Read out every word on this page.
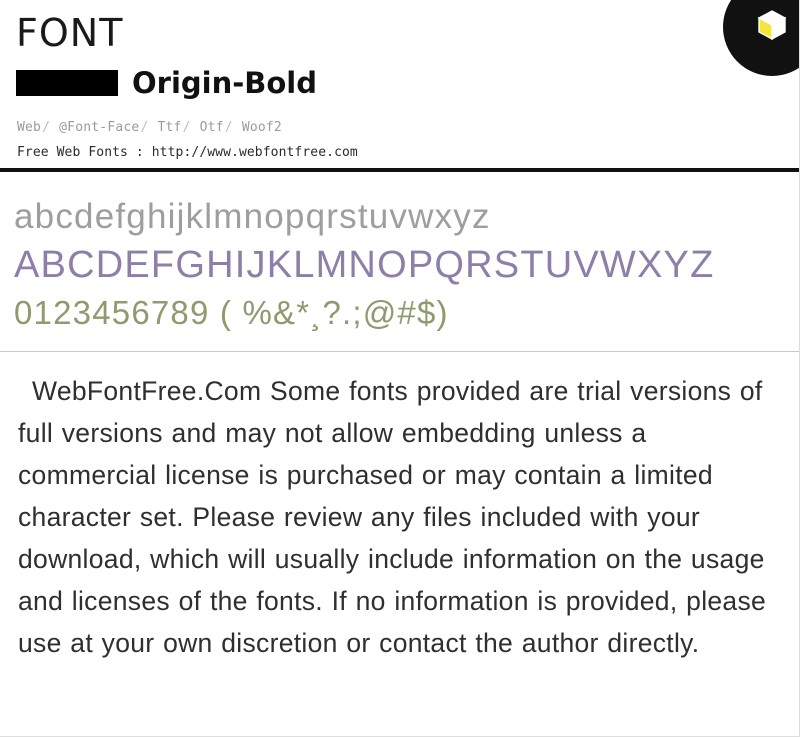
FONT
Origin-Bold
Web/ @Font-Face/ Ttf/ Otf/ Woof2
Free Web Fonts : http://www.webfontfree.com
abcdefghijklmnopqrstuvwxyz
ABCDEFGHIJKLMNOPQRSTUVWXYZ
0123456789 ( %&*¸?.;@#$)
WebFontFree.Com Some fonts provided are trial versions of full versions and may not allow embedding unless a commercial license is purchased or may contain a limited character set. Please review any files included with your download, which will usually include information on the usage and licenses of the fonts. If no information is provided, please use at your own discretion or contact the author directly.
